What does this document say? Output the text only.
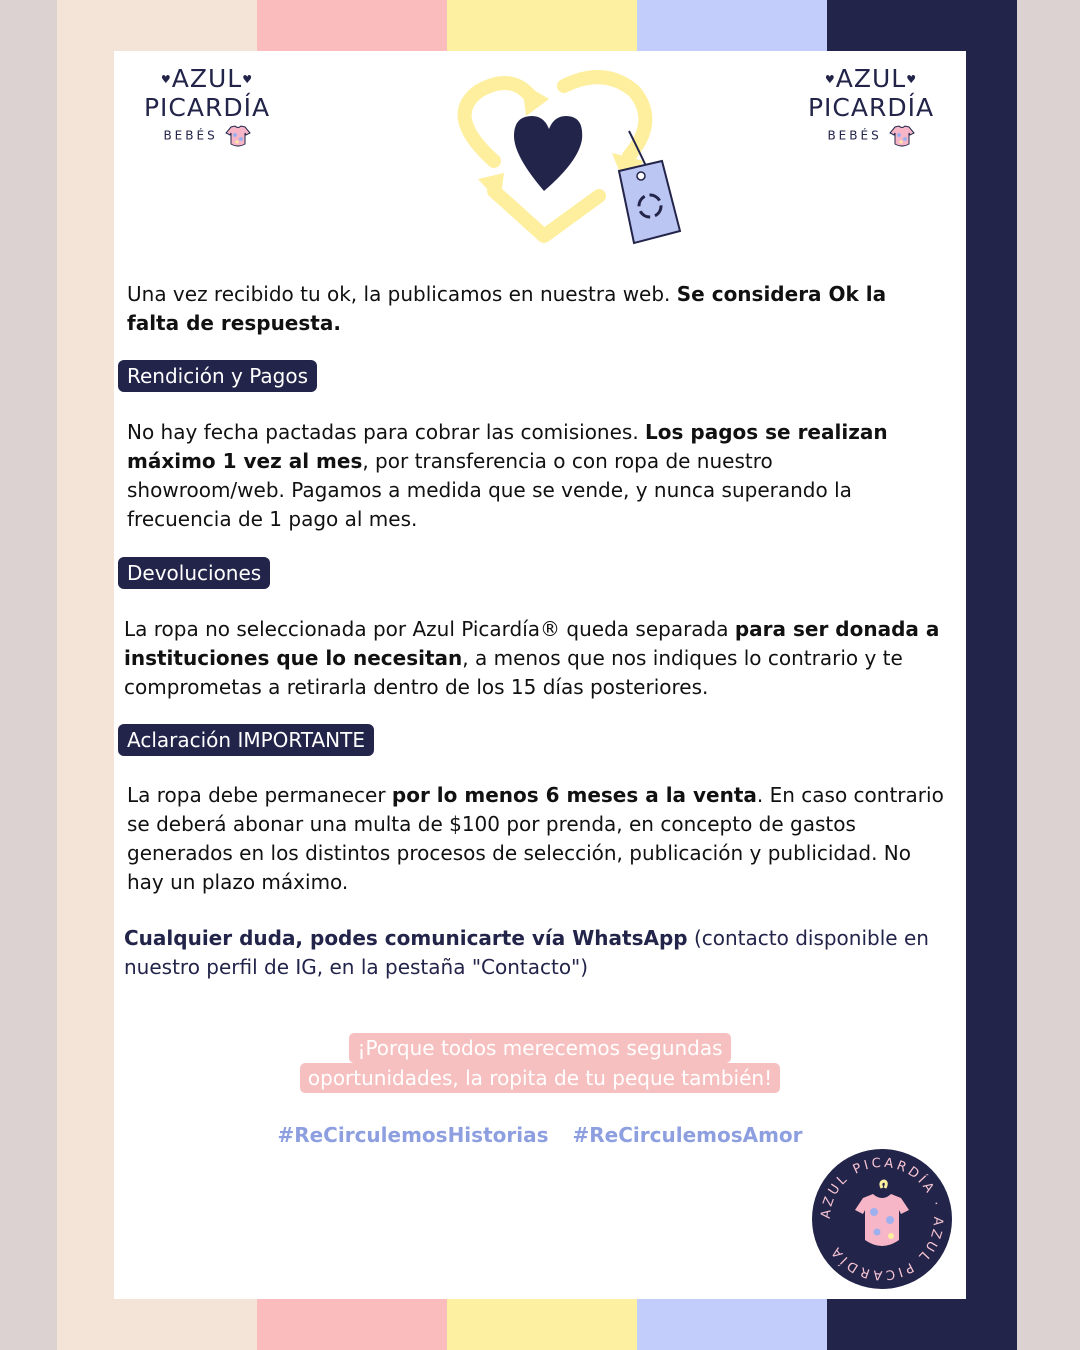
♥AZUL♥
PICARDÍA
BEBÉS
♥AZUL♥
PICARDÍA
BEBÉS
Una vez recibido tu ok, la publicamos en nuestra web. Se considera Ok la falta de respuesta.
Rendición y Pagos
No hay fecha pactadas para cobrar las comisiones. Los pagos se realizan máximo 1 vez al mes, por transferencia o con ropa de nuestro showroom/web. Pagamos a medida que se vende, y nunca superando la frecuencia de 1 pago al mes.
Devoluciones
La ropa no seleccionada por Azul Picardía® queda separada para ser donada a instituciones que lo necesitan, a menos que nos indiques lo contrario y te comprometas a retirarla dentro de los 15 días posteriores.
Aclaración IMPORTANTE
La ropa debe permanecer por lo menos 6 meses a la venta. En caso contrario se deberá abonar una multa de $100 por prenda, en concepto de gastos generados en los distintos procesos de selección, publicación y publicidad. No hay un plazo máximo.
Cualquier duda, podes comunicarte vía WhatsApp (contacto disponible en nuestro perfil de IG, en la pestaña "Contacto")
¡Porque todos merecemos segundas
oportunidades, la ropita de tu peque también!
#ReCirculemosHistorias #ReCirculemosAmor
AZUL PICARDÍA · AZUL PICARDÍA
